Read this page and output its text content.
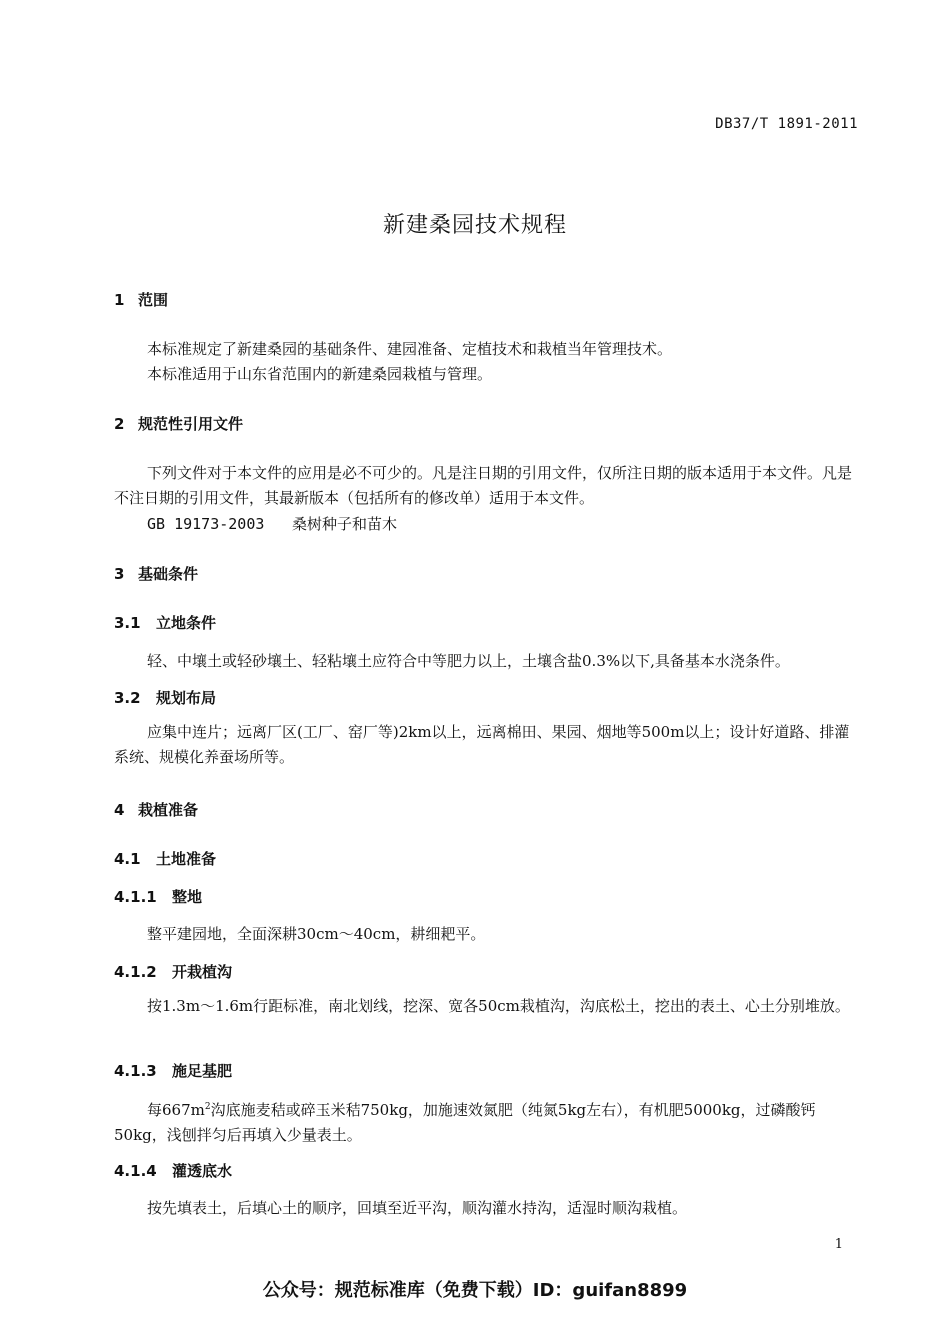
DB37/T 1891-2011
新建桑园技术规程
1 范围
本标准规定了新建桑园的基础条件、建园准备、定植技术和栽植当年管理技术。
本标准适用于山东省范围内的新建桑园栽植与管理。
2 规范性引用文件
下列文件对于本文件的应用是必不可少的。凡是注日期的引用文件，仅所注日期的版本适用于本文件。凡是不注日期的引用文件，其最新版本（包括所有的修改单）适用于本文件。
GB 19173-2003 桑树种子和苗木
3 基础条件
3.1 立地条件
轻、中壤土或轻砂壤土、轻粘壤土应符合中等肥力以上，土壤含盐0.3%以下,具备基本水浇条件。
3.2 规划布局
应集中连片；远离厂区(工厂、窑厂等)2km以上，远离棉田、果园、烟地等500m以上；设计好道路、排灌系统、规模化养蚕场所等。
4 栽植准备
4.1 土地准备
4.1.1 整地
整平建园地，全面深耕30cm～40cm，耕细耙平。
4.1.2 开栽植沟
按1.3m～1.6m行距标准，南北划线，挖深、宽各50cm栽植沟，沟底松土，挖出的表土、心土分别堆放。
4.1.3 施足基肥
每$667m^2$沟底施麦秸或碎玉米秸750kg，加施速效氮肥（纯氮5kg左右），有机肥5000kg，过磷酸钙50kg，浅刨拌匀后再填入少量表土。
4.1.4 灌透底水
按先填表土，后填心土的顺序，回填至近平沟，顺沟灌水持沟，适湿时顺沟栽植。
1
公众号：规范标准库（免费下载）ID：guifan8899
